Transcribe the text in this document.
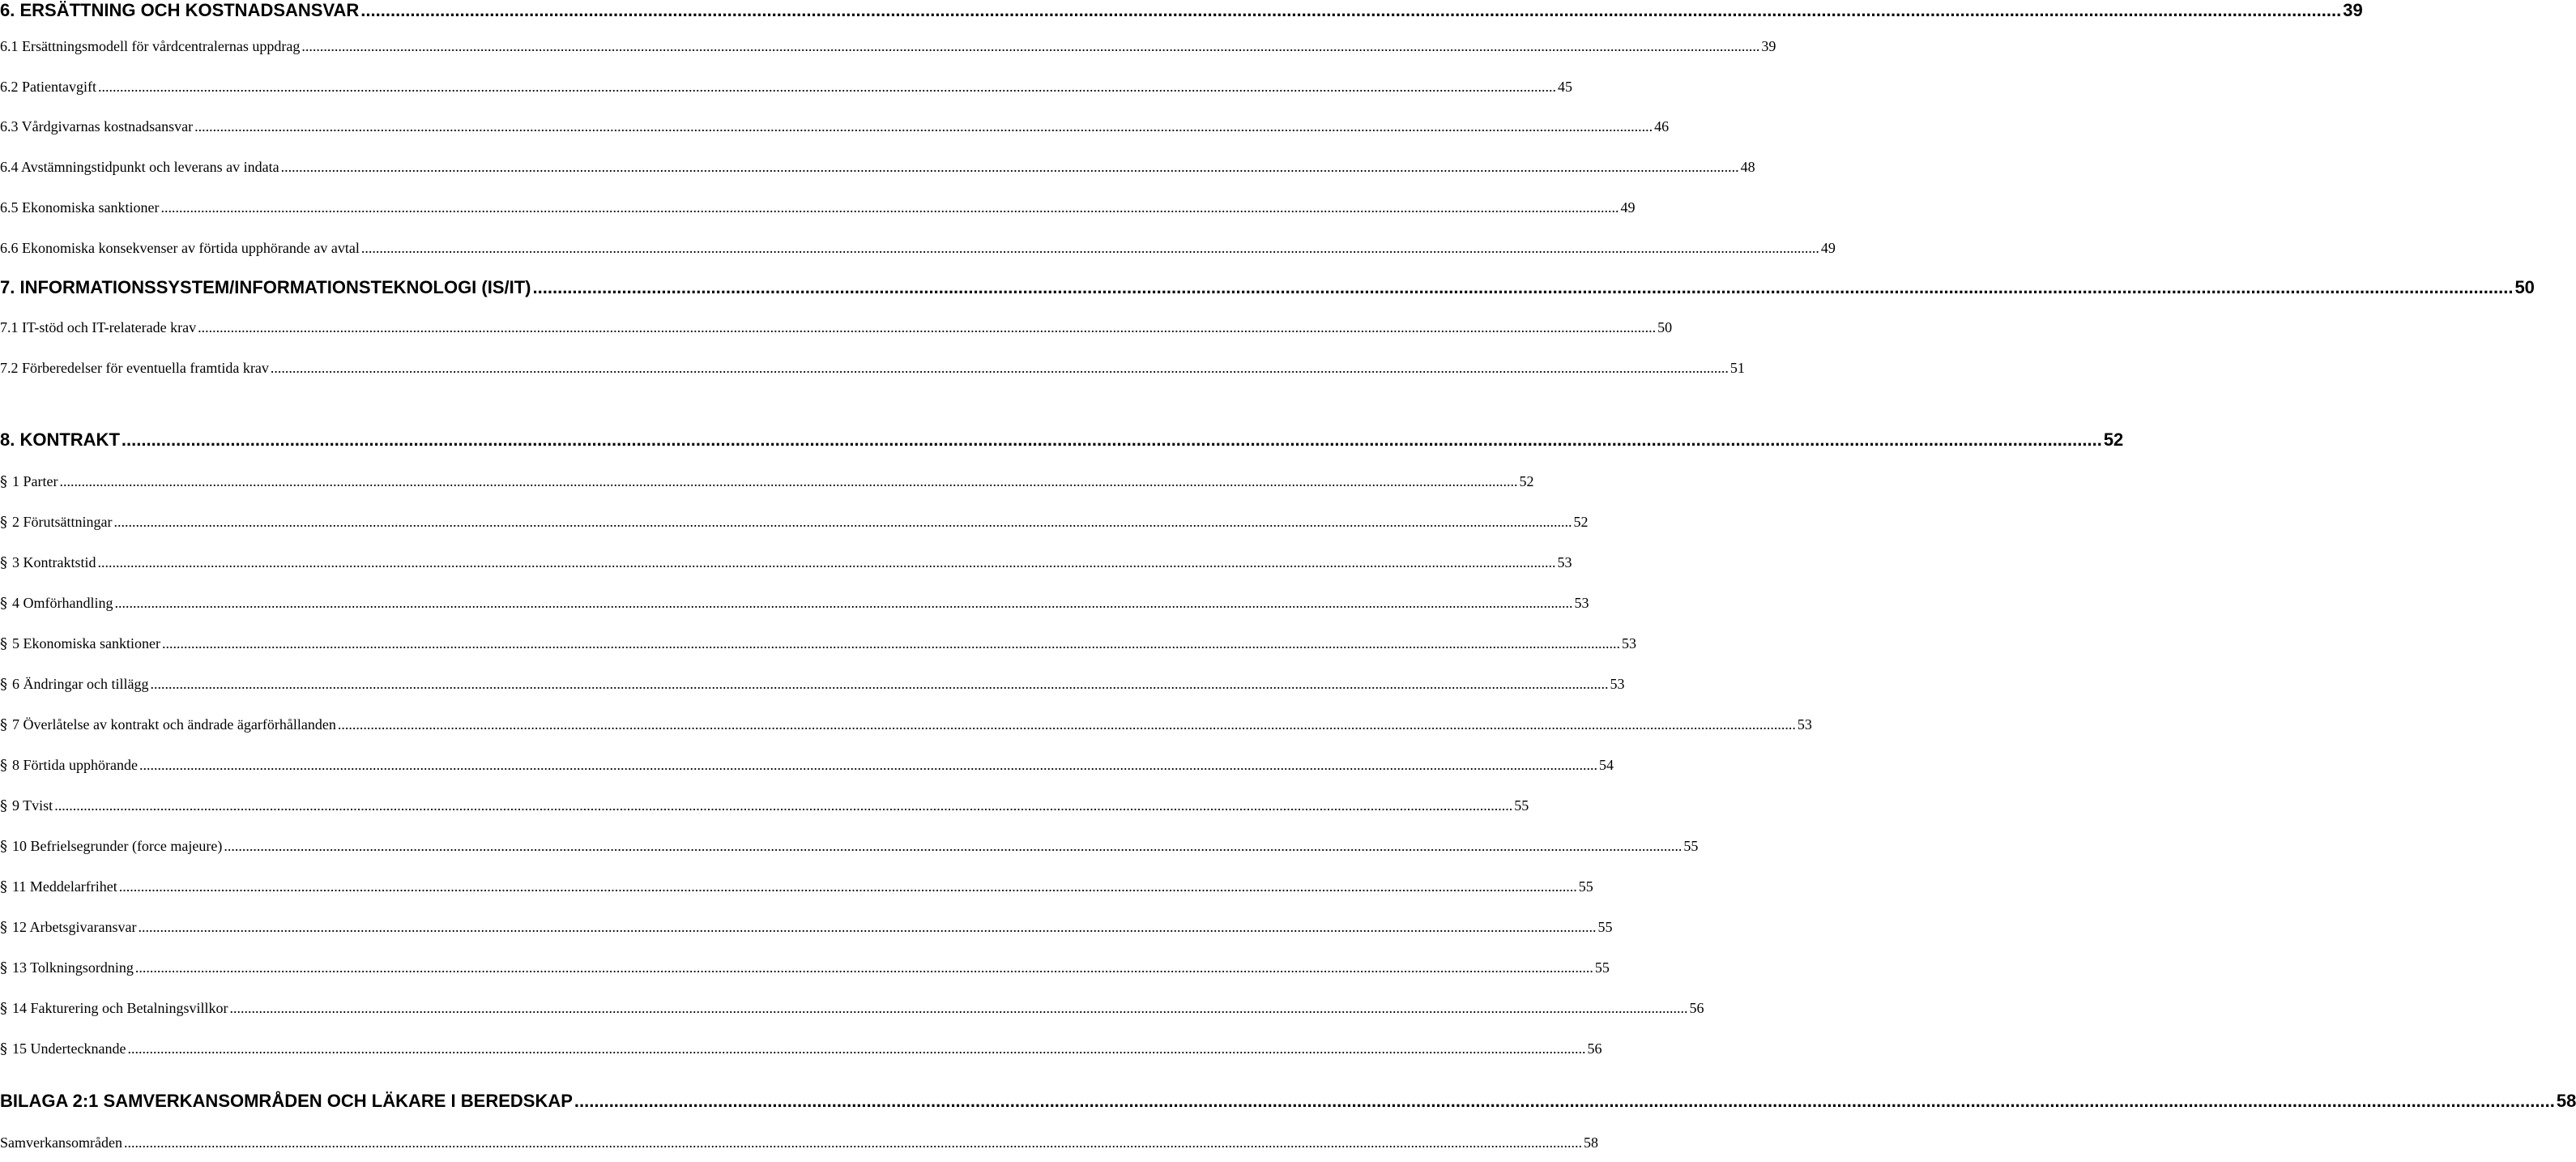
6. ERSÄTTNING OCH KOSTNADSANSVAR ................................................................................................................................................................................................................................................................................................................................................................................................................ 39
6.1 Ersättningsmodell för vårdcentralernas uppdrag ................................................................................................................................................................................................................................................................................................................................................................................................................ 39
6.2 Patientavgift ................................................................................................................................................................................................................................................................................................................................................................................................................ 45
6.3 Vårdgivarnas kostnadsansvar ................................................................................................................................................................................................................................................................................................................................................................................................................ 46
6.4 Avstämningstidpunkt och leverans av indata ................................................................................................................................................................................................................................................................................................................................................................................................................ 48
6.5 Ekonomiska sanktioner ................................................................................................................................................................................................................................................................................................................................................................................................................ 49
6.6 Ekonomiska konsekvenser av förtida upphörande av avtal ................................................................................................................................................................................................................................................................................................................................................................................................................ 49
7. INFORMATIONSSYSTEM/INFORMATIONSTEKNOLOGI (IS/IT) ................................................................................................................................................................................................................................................................................................................................................................................................................ 50
7.1 IT-stöd och IT-relaterade krav ................................................................................................................................................................................................................................................................................................................................................................................................................ 50
7.2 Förberedelser för eventuella framtida krav ................................................................................................................................................................................................................................................................................................................................................................................................................ 51
8. KONTRAKT ................................................................................................................................................................................................................................................................................................................................................................................................................ 52
§ 1 Parter ................................................................................................................................................................................................................................................................................................................................................................................................................ 52
§ 2 Förutsättningar ................................................................................................................................................................................................................................................................................................................................................................................................................ 52
§ 3 Kontraktstid ................................................................................................................................................................................................................................................................................................................................................................................................................ 53
§ 4 Omförhandling ................................................................................................................................................................................................................................................................................................................................................................................................................ 53
§ 5 Ekonomiska sanktioner ................................................................................................................................................................................................................................................................................................................................................................................................................ 53
§ 6 Ändringar och tillägg ................................................................................................................................................................................................................................................................................................................................................................................................................ 53
§ 7 Överlåtelse av kontrakt och ändrade ägarförhållanden ................................................................................................................................................................................................................................................................................................................................................................................................................ 53
§ 8 Förtida upphörande ................................................................................................................................................................................................................................................................................................................................................................................................................ 54
§ 9 Tvist ................................................................................................................................................................................................................................................................................................................................................................................................................ 55
§ 10 Befrielsegrunder (force majeure) ................................................................................................................................................................................................................................................................................................................................................................................................................ 55
§ 11 Meddelarfrihet ................................................................................................................................................................................................................................................................................................................................................................................................................ 55
§ 12 Arbetsgivaransvar ................................................................................................................................................................................................................................................................................................................................................................................................................ 55
§ 13 Tolkningsordning ................................................................................................................................................................................................................................................................................................................................................................................................................ 55
§ 14 Fakturering och Betalningsvillkor ................................................................................................................................................................................................................................................................................................................................................................................................................ 56
§ 15 Undertecknande ................................................................................................................................................................................................................................................................................................................................................................................................................ 56
BILAGA 2:1 SAMVERKANSOMRÅDEN OCH LÄKARE I BEREDSKAP ................................................................................................................................................................................................................................................................................................................................................................................................................ 58
Samverkansområden ................................................................................................................................................................................................................................................................................................................................................................................................................ 58
